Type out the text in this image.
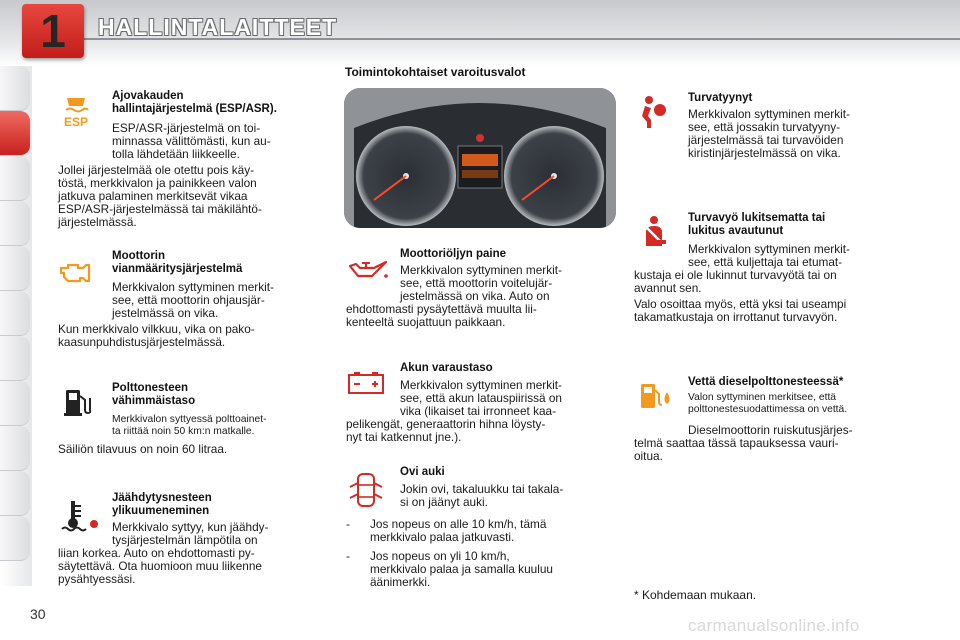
1	HALLINTALAITTEET
Toimintokohtaiset varoitusvalot
ESP
Ajovakauden
hallintajärjestelmä (ESP/ASR).
ESP/ASR-järjestelmä on toi-
minnassa välittömästi, kun au-
tolla lähdetään liikkeelle.
Jollei järjestelmää ole otettu pois käy-
töstä, merkkivalon ja painikkeen valon
jatkuva palaminen merkitsevät vikaa
ESP/ASR-järjestelmässä tai mäkilähtö-
järjestelmässä.
Moottorin
vianmääritysjärjestelmä
Merkkivalon syttyminen merkit-
see, että moottorin ohjausjär-
jestelmässä on vika.
Kun merkkivalo vilkkuu, vika on pako-
kaasunpuhdistusjärjestelmässä.
Polttonesteen
vähimmäistaso
Merkkivalon syttyessä polttoainet-
ta riittää noin 50 km:n matkalle.
Säiliön tilavuus on noin 60 litraa.
Jäähdytysnesteen
ylikuumeneminen
Merkkivalo syttyy, kun jäähdy-
tysjärjestelmän lämpötila on
liian korkea. Auto on ehdottomasti py-
säytettävä. Ota huomioon muu liikenne
pysähtyessäsi.
Moottoriöljyn paine
Merkkivalon syttyminen merkit-
see, että moottorin voitelujär-
jestelmässä on vika. Auto on
ehdottomasti pysäytettävä muulta lii-
kenteeltä suojattuun paikkaan.
Akun varaustaso
Merkkivalon syttyminen merkit-
see, että akun latauspiirissä on
vika (likaiset tai irronneet kaa-
pelikengät, generaattorin hihna löysty-
nyt tai katkennut jne.).
Ovi auki
Jokin ovi, takaluukku tai takala-
si on jäänyt auki.
-	Jos nopeus on alle 10 km/h, tämä
merkkivalo palaa jatkuvasti.
-	Jos nopeus on yli 10 km/h,
merkkivalo palaa ja samalla kuuluu
äänimerkki.
Turvatyynyt
Merkkivalon syttyminen merkit-
see, että jossakin turvatyyny-
järjestelmässä tai turvavöiden
kiristinjärjestelmässä on vika.
Turvavyö lukitsematta tai
lukitus avautunut
Merkkivalon syttyminen merkit-
see, että kuljettaja tai etumat-
kustaja ei ole lukinnut turvavyötä tai on
avannut sen.
Valo osoittaa myös, että yksi tai useampi
takamatkustaja on irrottanut turvavyön.
Vettä dieselpolttonesteessä*
Valon syttyminen merkitsee, että
polttonestesuodattimessa on vettä.
Dieselmoottorin ruiskutusjärjes-
telmä saattaa tässä tapauksessa vauri-
oitua.
* Kohdemaan mukaan.
30
carmanualsonline.info
